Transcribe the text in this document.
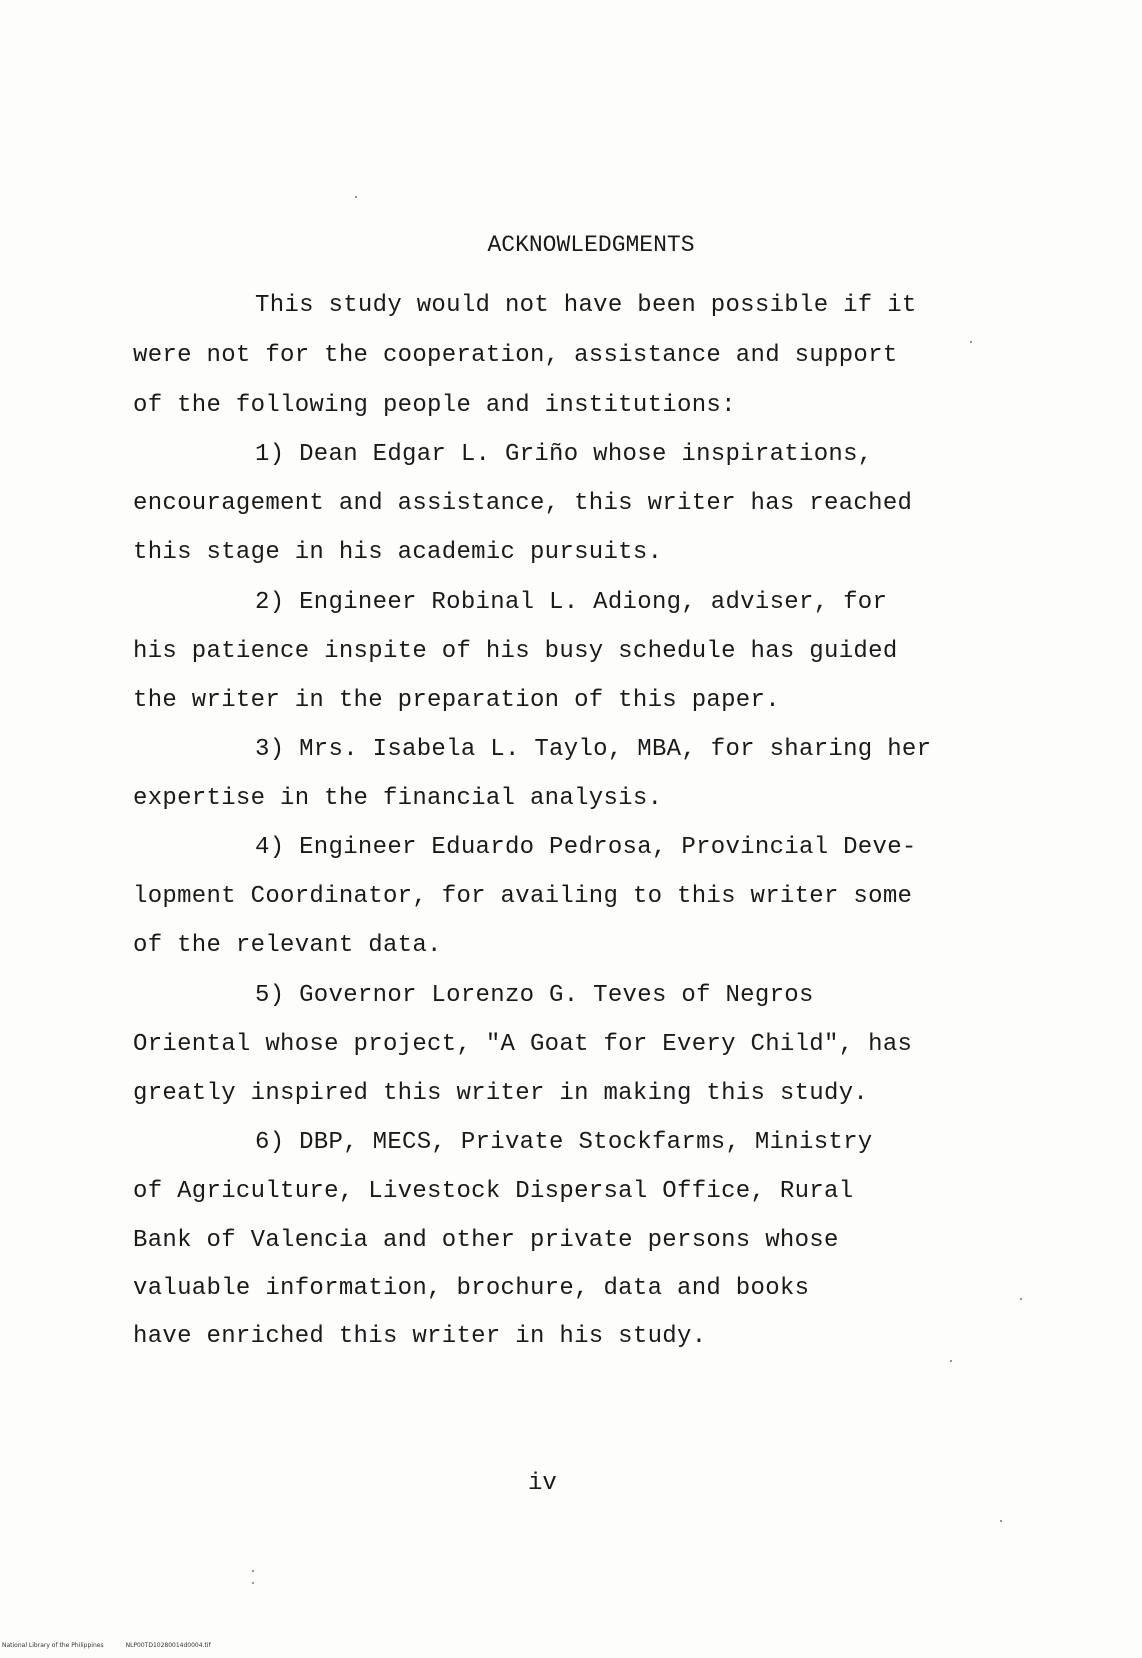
ACKNOWLEDGMENTS
This study would not have been possible if it
were not for the cooperation, assistance and support
of the following people and institutions:
1) Dean Edgar L. Griño whose inspirations,
encouragement and assistance, this writer has reached
this stage in his academic pursuits.
2) Engineer Robinal L. Adiong, adviser, for
his patience inspite of his busy schedule has guided
the writer in the preparation of this paper.
3) Mrs. Isabela L. Taylo, MBA, for sharing her
expertise in the financial analysis.
4) Engineer Eduardo Pedrosa, Provincial Deve-
lopment Coordinator, for availing to this writer some
of the relevant data.
5) Governor Lorenzo G. Teves of Negros
Oriental whose project, "A Goat for Every Child", has
greatly inspired this writer in making this study.
6) DBP, MECS, Private Stockfarms, Ministry
of Agriculture, Livestock Dispersal Office, Rural
Bank of Valencia and other private persons whose
valuable information, brochure, data and books
have enriched this writer in his study.
iv
National Library of the Philippines	NLP00TD10280014d0004.tif
